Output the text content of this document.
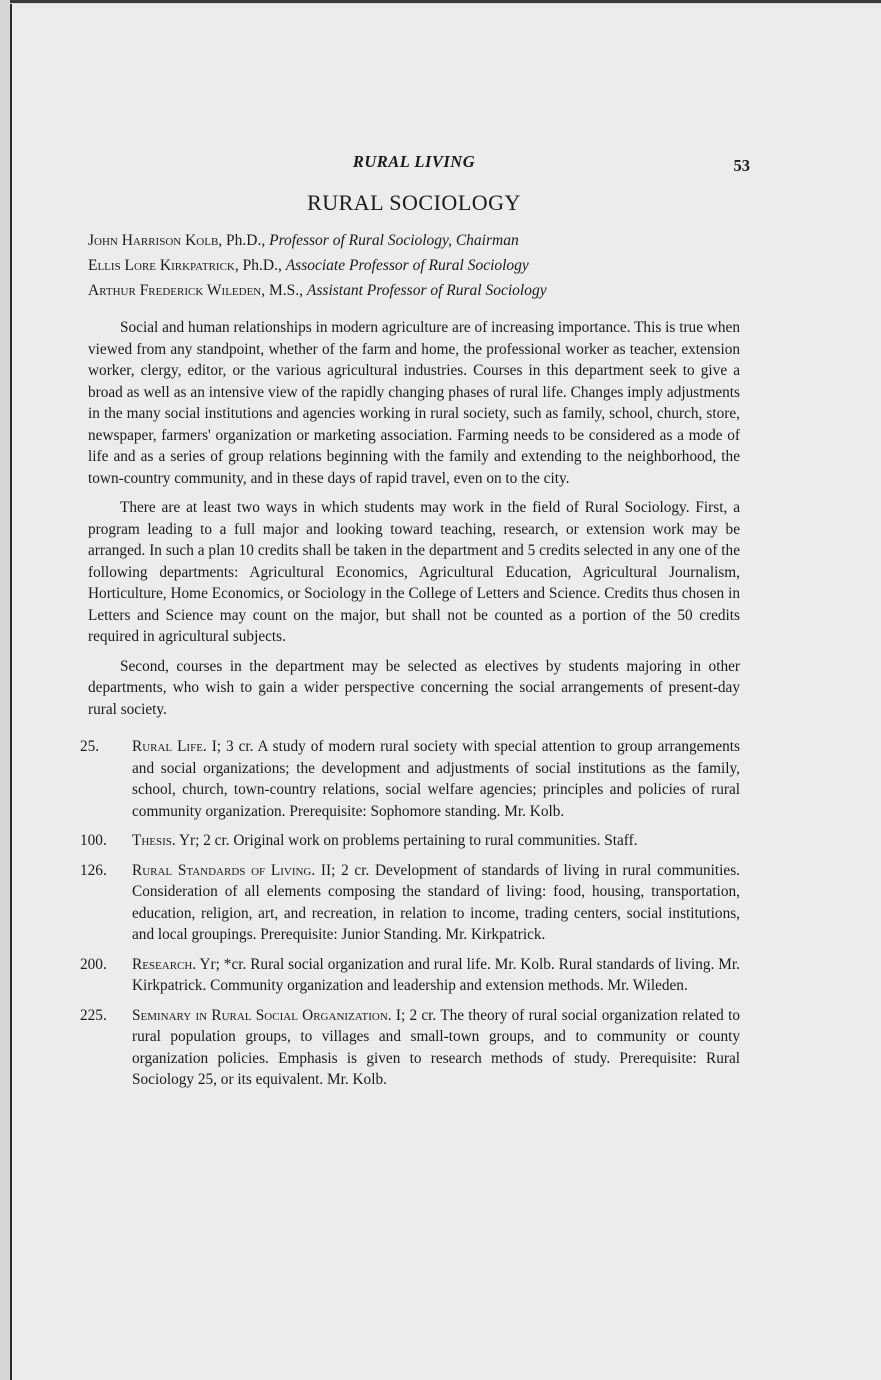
RURAL LIVING	53
RURAL SOCIOLOGY
John Harrison Kolb, Ph.D., Professor of Rural Sociology, Chairman
Ellis Lore Kirkpatrick, Ph.D., Associate Professor of Rural Sociology
Arthur Frederick Wileden, M.S., Assistant Professor of Rural Sociology

Social and human relationships in modern agriculture are of increasing importance. This is true when viewed from any standpoint, whether of the farm and home, the professional worker as teacher, extension worker, clergy, editor, or the various agricultural industries. Courses in this department seek to give a broad as well as an intensive view of the rapidly changing phases of rural life. Changes imply adjustments in the many social institutions and agencies working in rural society, such as family, school, church, store, newspaper, farmers' organization or marketing association. Farming needs to be considered as a mode of life and as a series of group relations beginning with the family and extending to the neighborhood, the town-country community, and in these days of rapid travel, even on to the city.

There are at least two ways in which students may work in the field of Rural Sociology. First, a program leading to a full major and looking toward teaching, research, or extension work may be arranged. In such a plan 10 credits shall be taken in the department and 5 credits selected in any one of the following departments: Agricultural Economics, Agricultural Education, Agricultural Journalism, Horticulture, Home Economics, or Sociology in the College of Letters and Science. Credits thus chosen in Letters and Science may count on the major, but shall not be counted as a portion of the 50 credits required in agricultural subjects.

Second, courses in the department may be selected as electives by students majoring in other departments, who wish to gain a wider perspective concerning the social arrangements of present-day rural society.

25.	Rural Life. I; 3 cr. A study of modern rural society with special attention to group arrangements and social organizations; the development and adjustments of social institutions as the family, school, church, town-country relations, social welfare agencies; principles and policies of rural community organization. Prerequisite: Sophomore standing. Mr. Kolb.
100.	Thesis. Yr; 2 cr. Original work on problems pertaining to rural communities. Staff.
126.	Rural Standards of Living. II; 2 cr. Development of standards of living in rural communities. Consideration of all elements composing the standard of living: food, housing, transportation, education, religion, art, and recreation, in relation to income, trading centers, social institutions, and local groupings. Prerequisite: Junior Standing. Mr. Kirkpatrick.
200.	Research. Yr; *cr. Rural social organization and rural life. Mr. Kolb. Rural standards of living. Mr. Kirkpatrick. Community organization and leadership and extension methods. Mr. Wileden.
225.	Seminary in Rural Social Organization. I; 2 cr. The theory of rural social organization related to rural population groups, to villages and small-town groups, and to community or county organization policies. Emphasis is given to research methods of study. Prerequisite: Rural Sociology 25, or its equivalent. Mr. Kolb.
